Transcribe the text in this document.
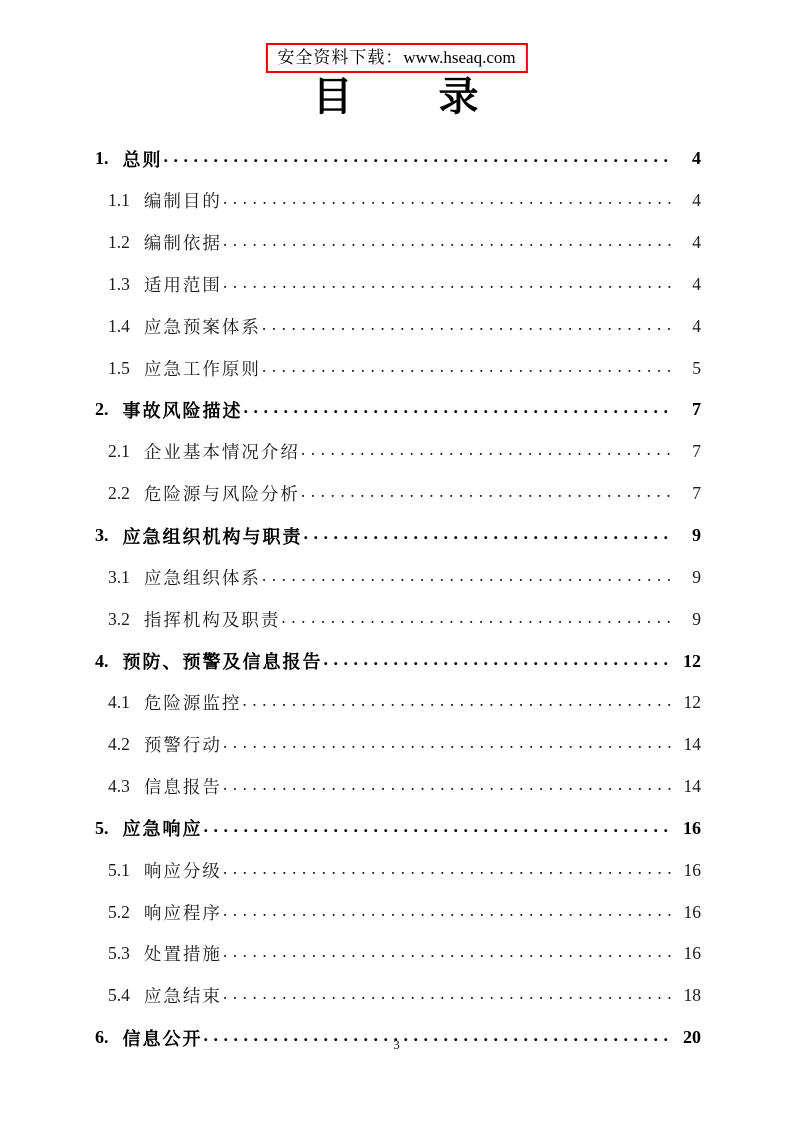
安全资料下载：www.hseaq.com
目　　录
1. 总则 .....	4
1.1 编制目的 .....	4
1.2 编制依据 .....	4
1.3 适用范围 .....	4
1.4 应急预案体系 .....	4
1.5 应急工作原则 .....	5
2. 事故风险描述 .....	7
2.1 企业基本情况介绍 .....	7
2.2 危险源与风险分析 .....	7
3. 应急组织机构与职责 .....	9
3.1 应急组织体系 .....	9
3.2 指挥机构及职责 .....	9
4. 预防、预警及信息报告 .....	12
4.1 危险源监控 .....	12
4.2 预警行动 .....	14
4.3 信息报告 .....	14
5. 应急响应 .....	16
5.1 响应分级 .....	16
5.2 响应程序 .....	16
5.3 处置措施 .....	16
5.4 应急结束 .....	18
6. 信息公开 .....	20
3
